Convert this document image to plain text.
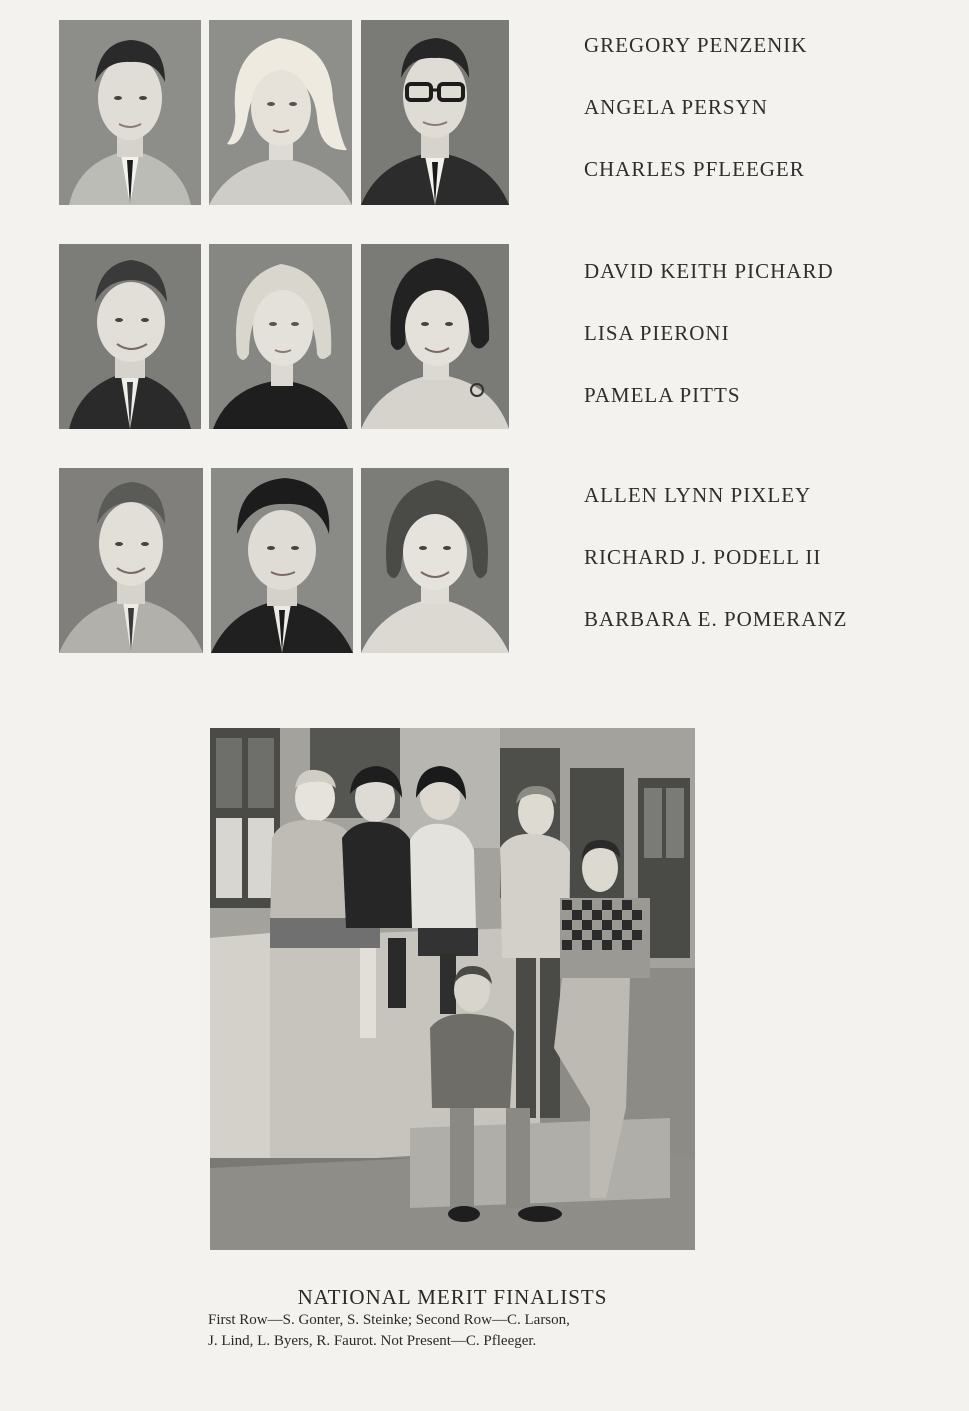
GREGORY PENZENIK
ANGELA PERSYN
CHARLES PFLEEGER
DAVID KEITH PICHARD
LISA PIERONI
PAMELA PITTS
ALLEN LYNN PIXLEY
RICHARD J. PODELL II
BARBARA E. POMERANZ
NATIONAL MERIT FINALISTS
First Row—S. Gonter, S. Steinke; Second Row—C. Larson,
J. Lind, L. Byers, R. Faurot. Not Present—C. Pfleeger.
